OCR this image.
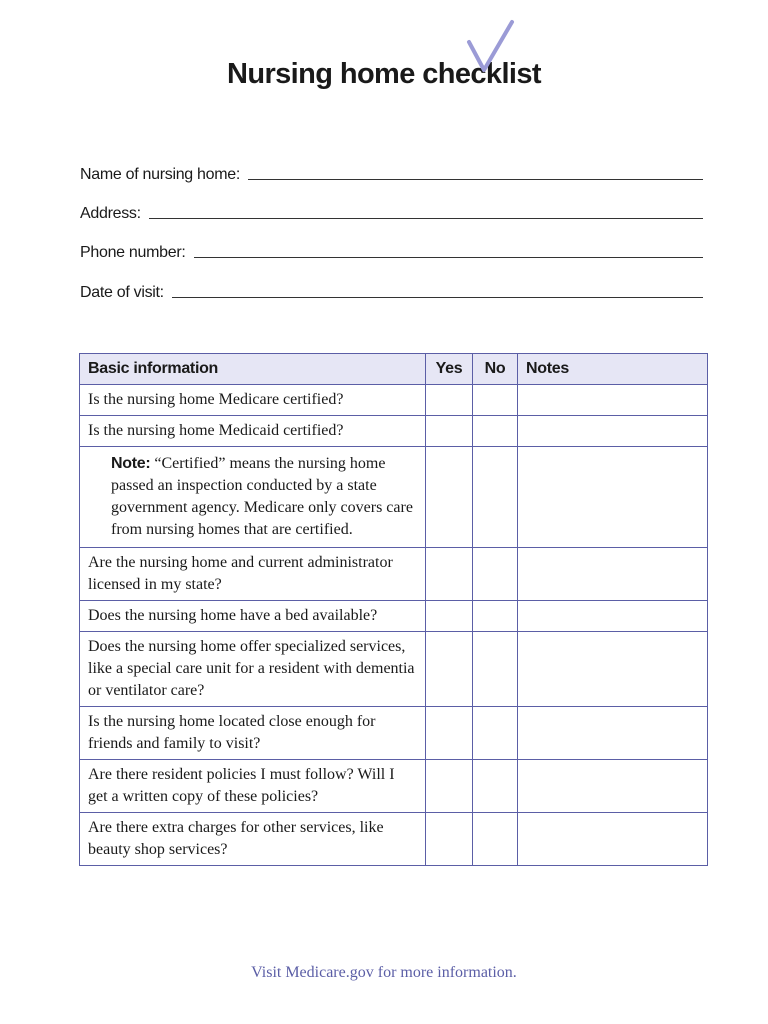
Nursing home checklist
Name of nursing home:
Address:
Phone number:
Date of visit:
Basic information	Yes	No	Notes
Is the nursing home Medicare certified?			
Is the nursing home Medicaid certified?			
Note: “Certified” means the nursing home passed an inspection conducted by a state government agency. Medicare only covers care from nursing homes that are certified.			
Are the nursing home and current administrator licensed in my state?			
Does the nursing home have a bed available?			
Does the nursing home offer specialized services, like a special care unit for a resident with dementia or ventilator care?			
Is the nursing home located close enough for friends and family to visit?			
Are there resident policies I must follow? Will I get a written copy of these policies?			
Are there extra charges for other services, like beauty shop services?			
Visit Medicare.gov for more information.
